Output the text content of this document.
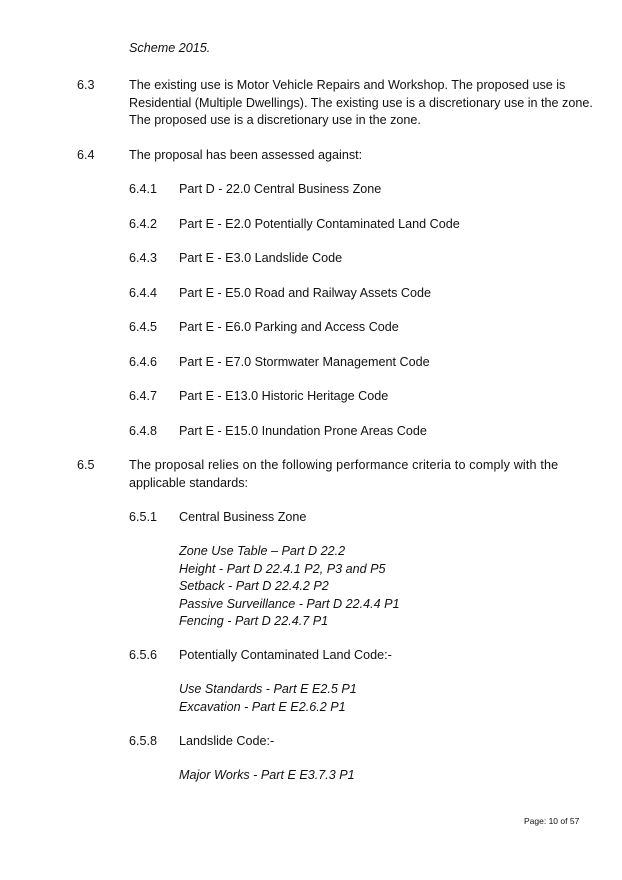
Scheme 2015.
6.3	The existing use is Motor Vehicle Repairs and Workshop. The proposed use is
Residential (Multiple Dwellings). The existing use is a discretionary use in the zone.
The proposed use is a discretionary use in the zone.
6.4	The proposal has been assessed against:
6.4.1 Part D - 22.0 Central Business Zone
6.4.2 Part E - E2.0 Potentially Contaminated Land Code
6.4.3 Part E - E3.0 Landslide Code
6.4.4 Part E - E5.0 Road and Railway Assets Code
6.4.5 Part E - E6.0 Parking and Access Code
6.4.6 Part E - E7.0 Stormwater Management Code
6.4.7 Part E - E13.0 Historic Heritage Code
6.4.8 Part E - E15.0 Inundation Prone Areas Code
6.5	The proposal relies on the following performance criteria to comply with the
applicable standards:
6.5.1 Central Business Zone
Zone Use Table – Part D 22.2
Height - Part D 22.4.1 P2, P3 and P5
Setback - Part D 22.4.2 P2
Passive Surveillance - Part D 22.4.4 P1
Fencing - Part D 22.4.7 P1
6.5.6 Potentially Contaminated Land Code:-
Use Standards - Part E E2.5 P1
Excavation - Part E E2.6.2 P1
6.5.8 Landslide Code:-
Major Works - Part E E3.7.3 P1
Page: 10 of 57
